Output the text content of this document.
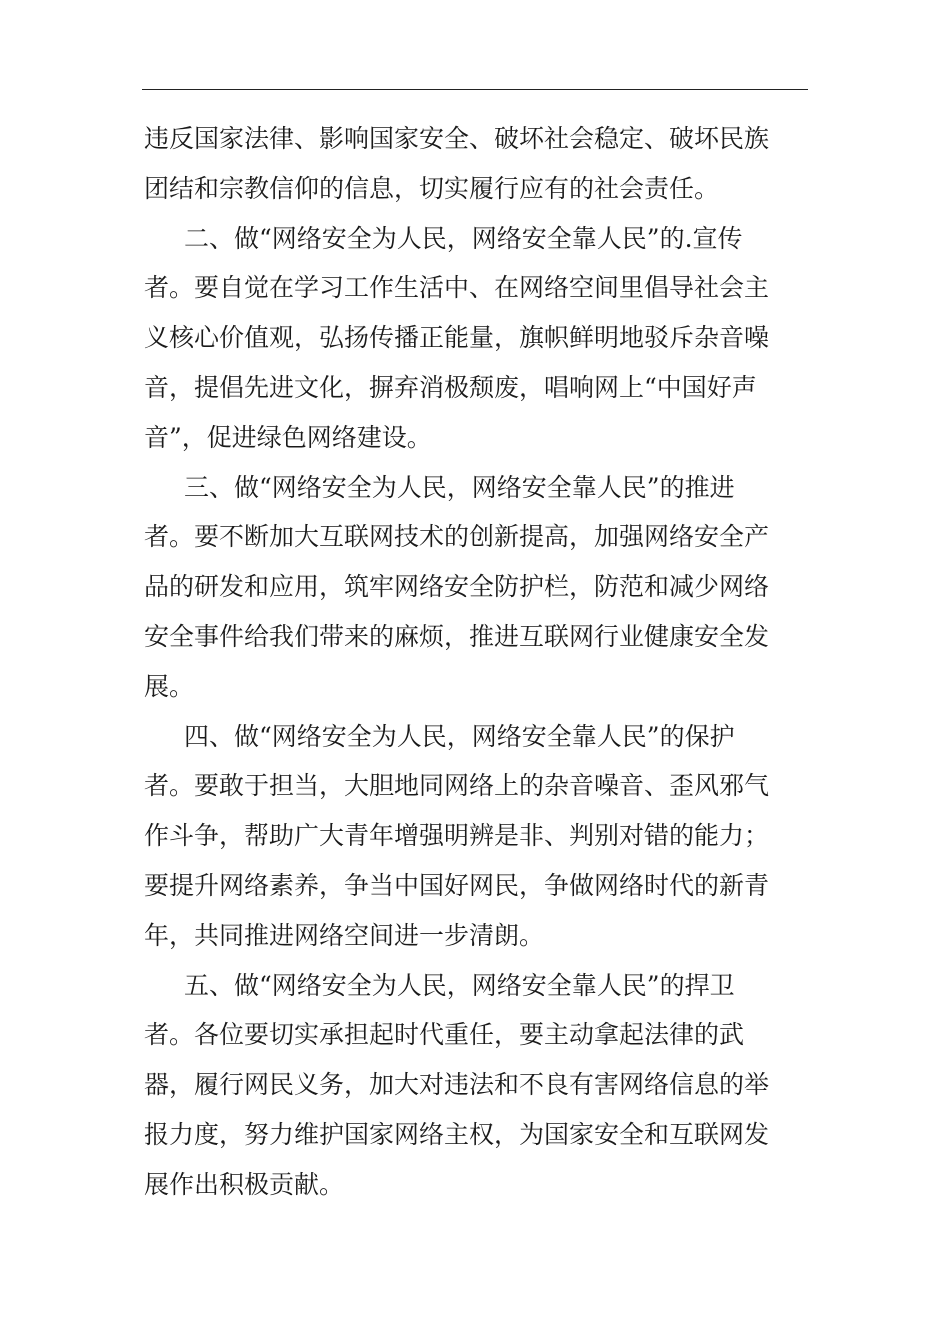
违反国家法律、影响国家安全、破坏社会稳定、破坏民族
团结和宗教信仰的信息，切实履行应有的社会责任。
二、做“网络安全为人民，网络安全靠人民”的.宣传
者。要自觉在学习工作生活中、在网络空间里倡导社会主
义核心价值观，弘扬传播正能量，旗帜鲜明地驳斥杂音噪
音，提倡先进文化，摒弃消极颓废，唱响网上“中国好声
音”，促进绿色网络建设。
三、做“网络安全为人民，网络安全靠人民”的推进
者。要不断加大互联网技术的创新提高，加强网络安全产
品的研发和应用，筑牢网络安全防护栏，防范和减少网络
安全事件给我们带来的麻烦，推进互联网行业健康安全发
展。
四、做“网络安全为人民，网络安全靠人民”的保护
者。要敢于担当，大胆地同网络上的杂音噪音、歪风邪气
作斗争，帮助广大青年增强明辨是非、判别对错的能力；
要提升网络素养，争当中国好网民，争做网络时代的新青
年，共同推进网络空间进一步清朗。
五、做“网络安全为人民，网络安全靠人民”的捍卫
者。各位要切实承担起时代重任，要主动拿起法律的武
器，履行网民义务，加大对违法和不良有害网络信息的举
报力度，努力维护国家网络主权，为国家安全和互联网发
展作出积极贡献。
